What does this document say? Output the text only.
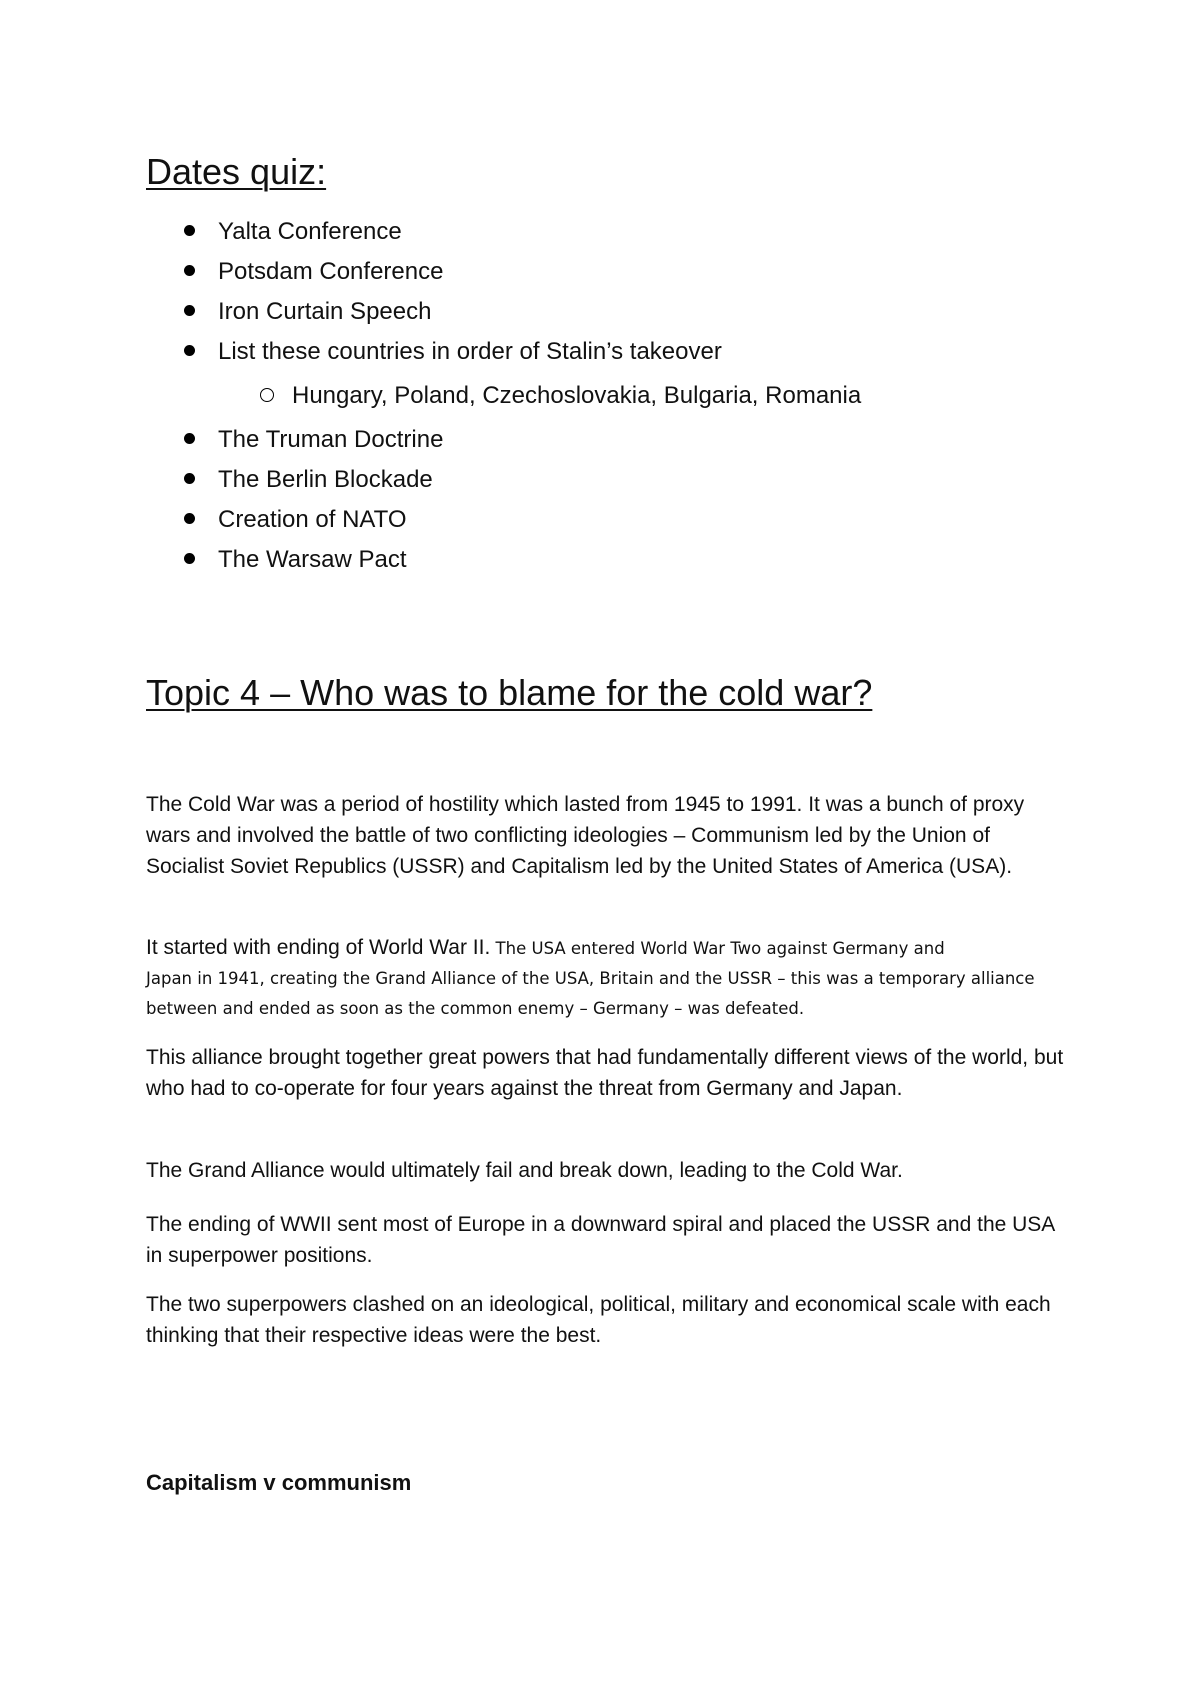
Dates quiz:
Yalta Conference
Potsdam Conference
Iron Curtain Speech
List these countries in order of Stalin’s takeover
Hungary, Poland, Czechoslovakia, Bulgaria, Romania
The Truman Doctrine
The Berlin Blockade
Creation of NATO
The Warsaw Pact
Topic 4 – Who was to blame for the cold war?

The Cold War was a period of hostility which lasted from 1945 to 1991. It was a bunch of proxy wars and involved the battle of two conflicting ideologies – Communism led by the Union of Socialist Soviet Republics (USSR) and Capitalism led by the United States of America (USA).

It started with ending of World War II. The USA entered World War Two against Germany and
Japan in 1941, creating the Grand Alliance of the USA, Britain and the USSR – this was a temporary alliance between and ended as soon as the common enemy – Germany – was defeated.

This alliance brought together great powers that had fundamentally different views of the world, but who had to co-operate for four years against the threat from Germany and Japan.

The Grand Alliance would ultimately fail and break down, leading to the Cold War.

The ending of WWII sent most of Europe in a downward spiral and placed the USSR and the USA in superpower positions.

The two superpowers clashed on an ideological, political, military and economical scale with each thinking that their respective ideas were the best.

Capitalism v communism
